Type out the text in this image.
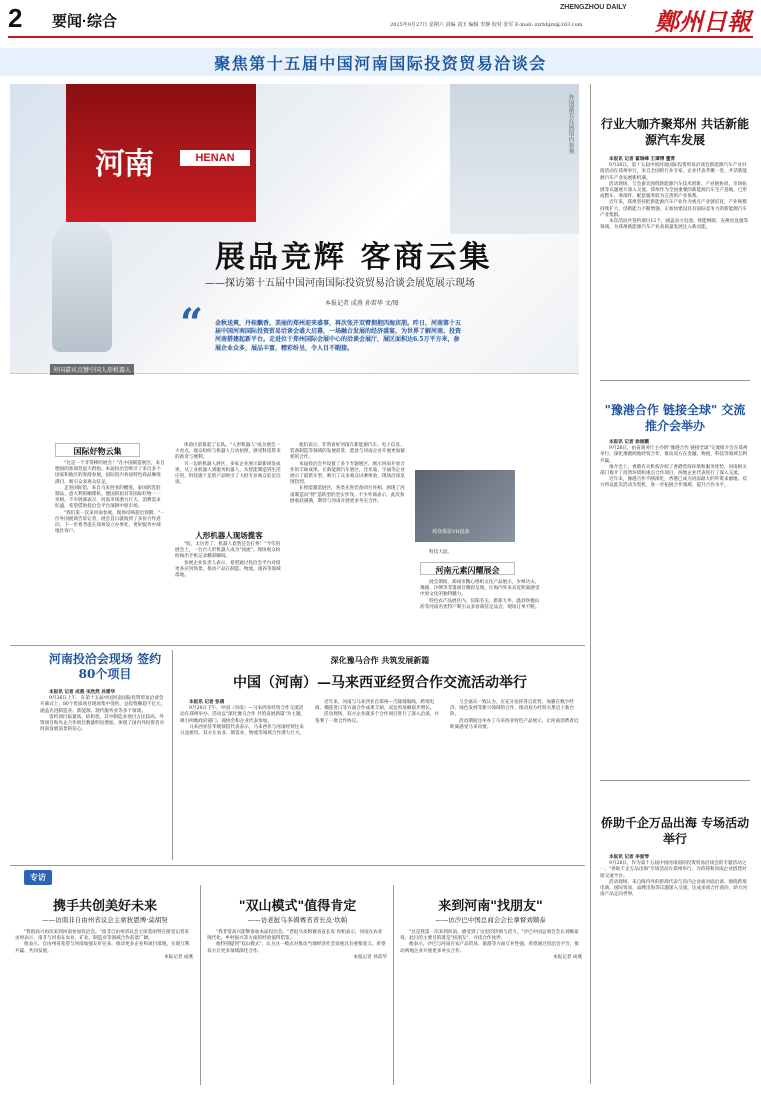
2 要闻·综合
ZHENGZHOU DAILY
2025年9月27日 星期六 责编 刘玉 编辑 李静 校对 张军 E-mail: zzrbbjzx@163.com	鄭州日報
聚焦第十五届中国河南国际投资贸易洽谈会
河南	HENAN
外国嘉宾点赞中国人形机器人
外国嘉宾在展馆内参观
展品竞辉 客商云集
——探访第十五届中国河南国际投资贸易洽谈会展览展示现场
本报记者 成燕 孙雷华 文/图
“ 金秋送爽，丹桂飘香。美丽的郑州迎来盛事，再次张开双臂拥抱四海宾朋。昨日，河南第十五届中国河南国际投资贸易洽谈会盛大启幕，一场融合发展的经济盛宴，为世界了解河南、投资河南搭建起新平台。走进位于郑州国际会展中心的洽谈会展厅，展区面积达6.5万平方米，参展企业众多，展品丰富，精彩纷呈，令人目不暇接。
国际好物云集

"这是一个非常棒的展会！"在中国制造展区，来自德国的客商竖起大拇指。本届投洽会吸引了来自多个国家和地区的客商参展，国际馆内各国特色商品琳琅满目，吸引众多观众驻足。

走进国际馆，来自马来西亚的榴莲、泰国的乳胶制品、意大利的咖啡机、德国的厨具等国际好物一一亮相。不少展商表示，河南市场潜力巨大，消费需求旺盛，希望借助投洽会平台深耕中原市场。

"我们第一次来河南参展，现场反响超出预期。"一位外国展商告诉记者，展会首日就收到了多份合作意向，下一步将考虑在郑州设立办事处，更好服务中部地区客户。

体验区前排起了长队。"人形机器人"成为展会一大亮点，观众纷纷与机器人互动拍照，感受科技带来的新奇与便利。

另一边的机器人展区，多家企业展示最新研发成果，从工业机器人到服务机器人，从智能制造到生活应用，科技感十足的产品吸引了大批专业观众驻足洽谈。

人形机器人现场揽客

"哇，太厉害了，机器人竟然还会打拳！"今年的展会上，一台台人形机器人成为"顶流"。现场观众纷纷掏出手机记录精彩瞬间。

参展企业负责人表示，希望通过投洽会平台对接更多应用场景，推动产品在制造、物流、康养等领域落地。

他们表示，非常看好河南在新能源汽车、电子信息、装备制造等领域的发展前景，愿意与河南企业开展更加紧密的合作。

本届投洽会共设置了多个专题展区，展示河南开放合作的丰硕成果。在新能源汽车展区，比亚迪、宇通等企业展示了最新车型，吸引了众多观众试乘体验，现场洽谈氛围热烈。

在智能制造展区，各类先进装备同台亮相，展现了河南制造向"智"造转型的坚实步伐。不少外商表示，此次参展收获满满，期待与河南开展更多务实合作。

观众体验VR设备

科技大道。

河南元素闪耀展会

展会期间，郑州市精心组织文化产品展示，少林功夫、豫剧、汴绣等非遗项目精彩呈现，让海内外来宾近距离感受中原文化的独特魅力。

特色农产品展区内，信阳毛尖、新郑大枣、温县铁棍山药等河南名优特产吸引众多客商驻足品尝，现场订单不断。

行业大咖齐聚郑州 共话新能源汽车发展

本报讯 记者 翟瑞峰 王谭博 董青

9月26日，第十五届中国河南国际投资贸易洽谈会新能源汽车产业对接活动在郑州举行，来自全国的行业专家、企业代表齐聚一堂，共话新能源汽车产业发展新机遇。

活动现场，与会嘉宾围绕新能源汽车技术创新、产业链协同、市场拓展等议题展开深入交流。郑州作为全国重要的新能源汽车生产基地，已形成整车、零部件、配套服务较为完善的产业体系。

近年来，郑州坚持把新能源汽车产业作为重点产业链培育，产业规模持续扩大，创新能力不断增强，正加快建设具有国际竞争力的新能源汽车产业集群。

本次活动共签约项目12个，涵盖动力电池、智能网联、充换电设施等领域，为郑州新能源汽车产业高质量发展注入新动能。

"豫港合作 链接全球" 交流推介会举办

本报讯 记者 徐刚鹏

9月26日，由省商务厅主办的"豫港合作 链接全球"交流推介会在郑州举行，深化豫港两地经贸合作，推动双方在金融、物流、科技等领域互利共赢。

推介会上，香港有关机构介绍了香港营商环境和服务优势，河南相关部门推介了投资环境和重点合作项目，两地企业代表进行了深入交流。

近年来，豫港合作不断深化，香港已成为河南最大的外资来源地。双方将以此次活动为契机，进一步拓展合作领域，提升合作水平。

侨助千企万品出海 专场活动举行

本报讯 记者 李爱琴

9月26日，作为第十五届中国河南国际投资贸易洽谈会的专题活动之一，"侨助千企万品出海"专场活动在郑州举行，为侨商和河南企业搭建对接交流平台。

活动现场，来自海内外的侨商代表与省内企业面对面洽谈，围绕跨境电商、国际贸易、品牌出海等议题深入交流，达成多项合作意向，助力河南产品走向世界。

河南投洽会现场 签约80个项目

本报讯 记者 成燕 宋欣然 孙雷华

9月26日上午，在第十五届中国河南国际投资贸易洽谈会开幕式上，80个优质项目现场集中签约，总投资额超千亿元，涵盖先进制造业、新能源、现代服务业等多个领域。

签约项目质量高、结构优，其中制造业项目占比较高，外资项目和央企合作项目数量明显增加，体现了国内外投资者对河南发展前景的信心。

深化豫马合作 共筑发展新篇
中国（河南）—马来西亚经贸合作交流活动举行

本报讯 记者 张倩

9月26日下午，中国（河南）—马来西亚经贸合作交流活动在郑州举办。活动以"深化豫马合作 共筑发展新篇"为主题，吸引两地政府部门、商协会和企业代表参加。

马来西亚驻华使领馆代表表示，马来西亚与河南经贸往来日益密切，双方在农业、制造业、物流等领域合作潜力巨大。

近年来，河南与马来西亚在郑州—吉隆坡航线、跨境电商、榴莲进口等方面合作成果丰硕，双边贸易额稳步增长。

活动现场，双方企业就多个合作项目进行了深入洽谈，并签署了一批合作协议。

与会嘉宾一致认为，应充分发挥各自优势，加强在数字经济、绿色发展等新兴领域的合作，推动双方经贸关系迈上新台阶。

活动期间还举办了马来西亚特色产品展示，让河南消费者近距离感受马来风情。

专访
携手共创美好未来
——访南非自由州省议会主席狄恩博·莫胡努

"我很高兴再次来到河南参加投洽会。"南非自由州省议会主席莫胡努在接受记者采访时表示，南非与河南在农业、矿业、制造业等领域合作前景广阔。

他表示，自由州省希望与河南加强友好往来，推动更多企业和项目落地，实现互利共赢、共同发展。

本报记者 成燕

"双山模式"值得肯定
——访老挝乌多姆赛省省长皮·坎帕

"我非常高兴能够参加本届投洽会。"老挝乌多姆赛省省长皮·坎帕表示，河南在农业现代化、乡村振兴等方面的经验值得借鉴。

他特别提到"双山模式"，认为这一模式对推动当地经济社会发展具有重要意义，希望双方在更多领域深化合作。

本报记者 孙雷华

来到河南"找朋友"
——访沙巴中国总商会会长拿督刘顺泰

"这是我第一次来到河南，感受到了这里的热情与活力。"沙巴中国总商会会长刘顺泰说，此行的主要目的就是"找朋友"，寻找合作伙伴。

他表示，沙巴与河南在农产品贸易、旅游等方面互补性强，希望通过投洽会平台，推动两地企业开展更多务实合作。

本报记者 成燕
